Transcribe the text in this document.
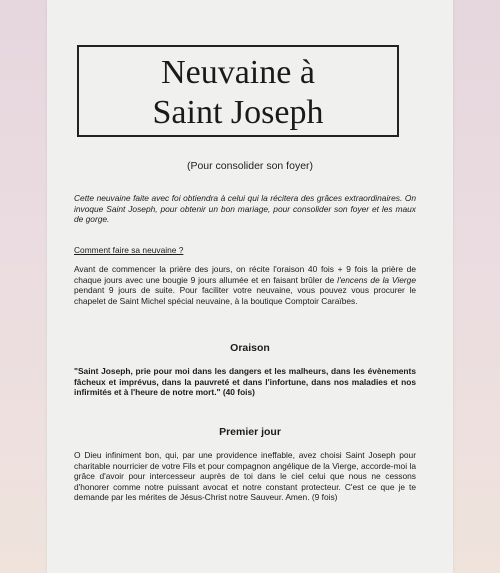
Neuvaine à
Saint Joseph
(Pour consolider son foyer)
Cette neuvaine faite avec foi obtiendra à celui qui la récitera des grâces extraordinaires. On invoque Saint Joseph, pour obtenir un bon mariage, pour consolider son foyer et les maux de gorge.
Comment faire sa neuvaine ?
Avant de commencer la prière des jours, on récite l'oraison 40 fois + 9 fois la prière de chaque jours avec une bougie 9 jours allumée et en faisant brûler de l'encens de la Vierge pendant 9 jours de suite. Pour faciliter votre neuvaine, vous pouvez vous procurer le chapelet de Saint Michel spécial neuvaine, à la boutique Comptoir Caraïbes.
Oraison
"Saint Joseph, prie pour moi dans les dangers et les malheurs, dans les évènements fâcheux et imprévus, dans la pauvreté et dans l'infortune, dans nos maladies et nos infirmités et à l'heure de notre mort." (40 fois)
Premier jour
O Dieu infiniment bon, qui, par une providence ineffable, avez choisi Saint Joseph pour charitable nourricier de votre Fils et pour compagnon angélique de la Vierge, accorde-moi la grâce d'avoir pour intercesseur auprès de toi dans le ciel celui que nous ne cessons d'honorer comme notre puissant avocat et notre constant protecteur. C'est ce que je te demande par les mérites de Jésus-Christ notre Sauveur. Amen. (9 fois)
